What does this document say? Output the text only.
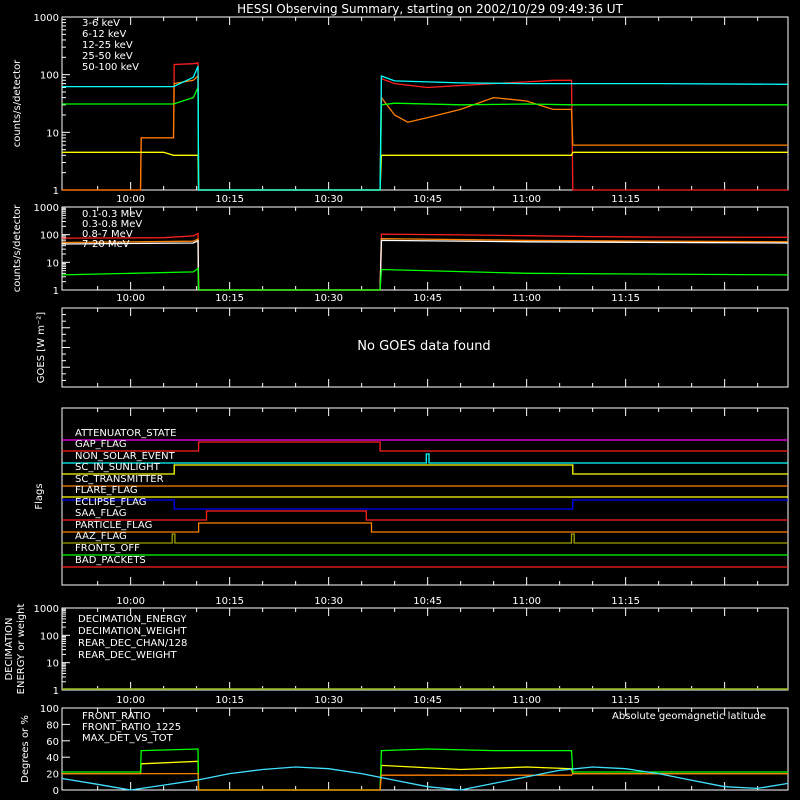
HESSI Observing Summary, starting on 2002/10/29 09:49:36 UT
1
10
100
1000
counts/s/detector
3-6 keV
6-12 keV
12-25 keV
25-50 keV
50-100 keV
10:00	10:15	10:30	10:45	11:00	11:15
1
10
100
1000
counts/s/detector	0.1-0.3 MeV
0.3-0.8 MeV
0.8-7 MeV
7-20 MeV
10:00	10:15	10:30	10:45	11:00	11:15
GOES [W m⁻²]
Flags
ATTENUATOR_STATE
GAP_FLAG
NON_SOLAR_EVENT
SC_IN_SUNLIGHT
SC_TRANSMITTER
FLARE_FLAG
ECLIPSE_FLAG
SAA_FLAG
PARTICLE_FLAG
AAZ_FLAG
FRONTS_OFF
BAD_PACKETS
10:00	10:15	10:30	10:45	11:00	11:15
1
10
100
1000
DECIMATION ENERGY or weight	DECIMATION_ENERGY
DECIMATION_WEIGHT
REAR_DEC_CHAN/128
REAR_DEC_WEIGHT
10:00	10:15	10:30	10:45	11:00	11:15
0
20
40
60
80
100
Degrees or %	FRONT_RATIO
FRONT_RATIO_1225
MAX_DET_VS_TOT
Absolute geomagnetic latitude
No GOES data found
